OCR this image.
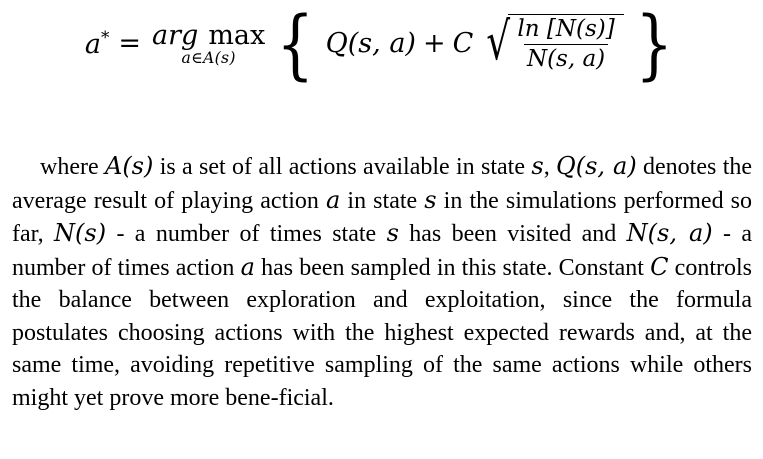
a* = arg max
a∈A(s) { Q(s, a) + C √ $\frac{\ln [N(s)]}{N(s, a)}$ }

where A(s) is a set of all actions available in state s, Q(s, a) denotes the average result of playing action a in state s in the simulations performed so far, N(s) - a number of times state s has been visited and N(s, a) - a number of times action a has been sampled in this state. Constant C controls the balance between exploration and exploitation, since the formula postulates choosing actions with the highest expected rewards and, at the same time, avoiding repetitive sampling of the same actions while others might yet prove more bene-ficial.
